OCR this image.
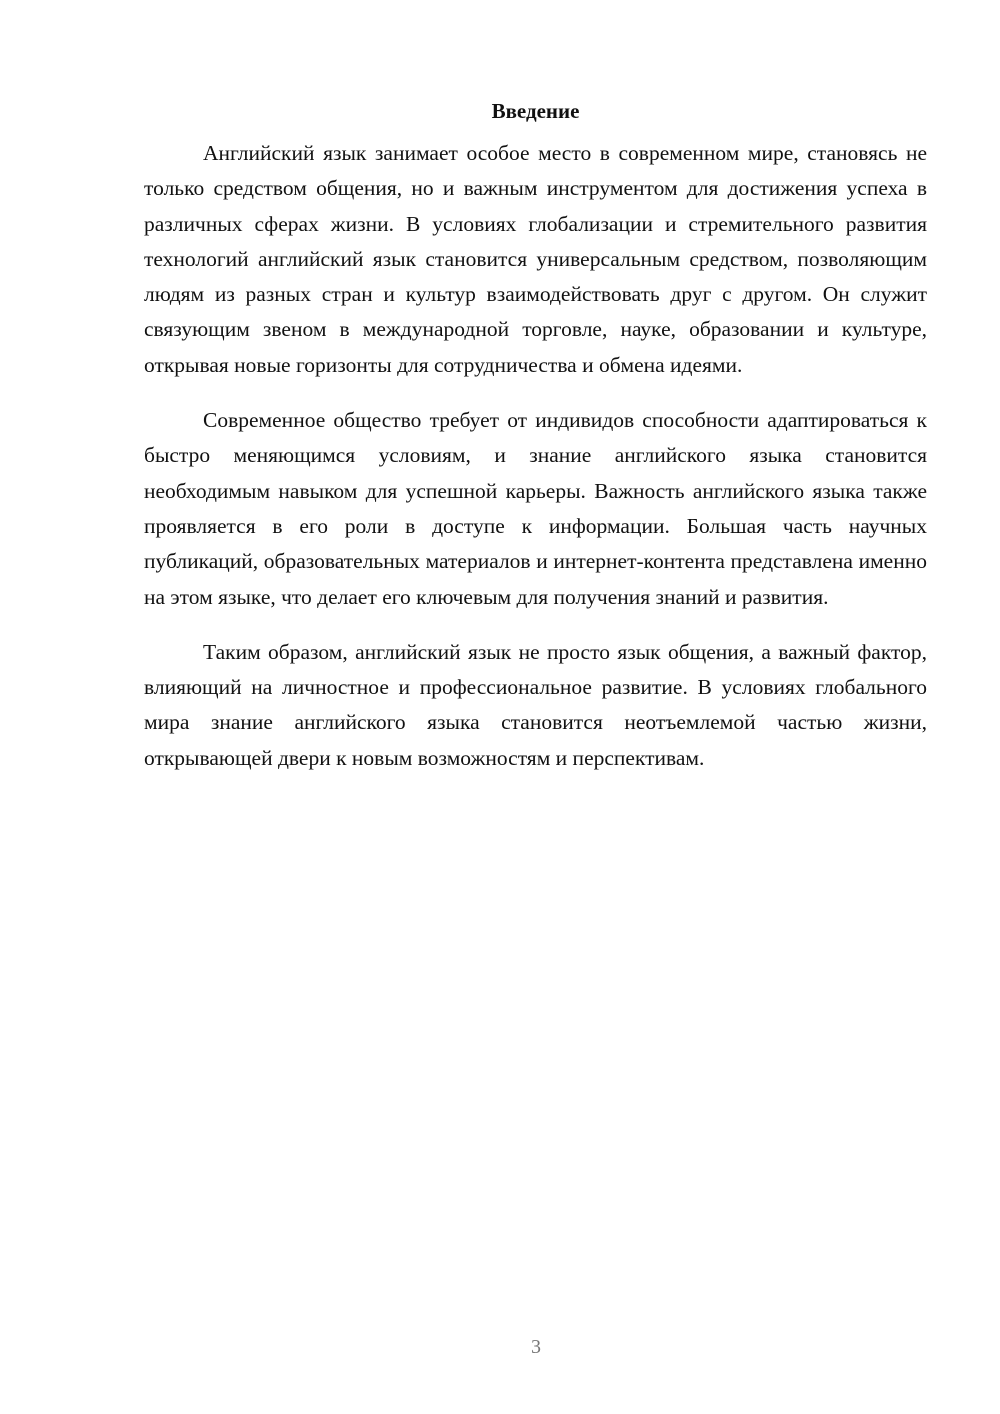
Введение

Английский язык занимает особое место в современном мире, становясь не только средством общения, но и важным инструментом для достижения успеха в различных сферах жизни. В условиях глобализации и стремительного развития технологий английский язык становится универсальным средством, позволяющим людям из разных стран и культур взаимодействовать друг с другом. Он служит связующим звеном в международной торговле, науке, образовании и культуре, открывая новые горизонты для сотрудничества и обмена идеями.

Современное общество требует от индивидов способности адаптироваться к быстро меняющимся условиям, и знание английского языка становится необходимым навыком для успешной карьеры. Важность английского языка также проявляется в его роли в доступе к информации. Большая часть научных публикаций, образовательных материалов и интернет-контента представлена именно на этом языке, что делает его ключевым для получения знаний и развития.

Таким образом, английский язык не просто язык общения, а важный фактор, влияющий на личностное и профессиональное развитие. В условиях глобального мира знание английского языка становится неотъемлемой частью жизни, открывающей двери к новым возможностям и перспективам.

3
